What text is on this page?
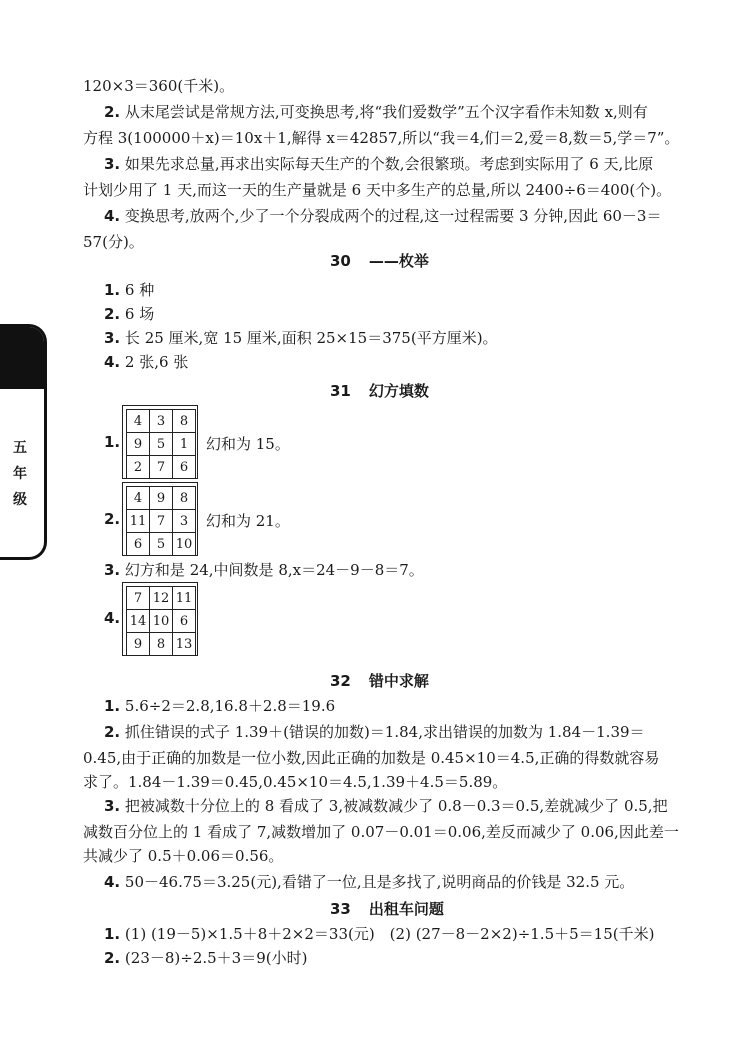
120×3＝360(千米)。
2. 从末尾尝试是常规方法,可变换思考,将“我们爱数学”五个汉字看作未知数 x,则有
方程 3(100000＋x)＝10x＋1,解得 x＝42857,所以“我＝4,们＝2,爱＝8,数＝5,学＝7”。
3. 如果先求总量,再求出实际每天生产的个数,会很繁琐。考虑到实际用了 6 天,比原
计划少用了 1 天,而这一天的生产量就是 6 天中多生产的总量,所以 2400÷6＝400(个)。
4. 变换思考,放两个,少了一个分裂成两个的过程,这一过程需要 3 分钟,因此 60－3＝
57(分)。
30 ——枚举
1. 6 种
2. 6 场
3. 长 25 厘米,宽 15 厘米,面积 25×15＝375(平方厘米)。
4. 2 张,6 张
31 幻方填数
1.
4	3	8
9	5	1
2	7	6
幻和为 15。
2.
4	9	8
11	7	3
6	5	10
幻和为 21。
3. 幻方和是 24,中间数是 8,x＝24－9－8＝7。
4.
7	12	11
14	10	6
9	8	13
32 错中求解
1. 5.6÷2＝2.8,16.8＋2.8＝19.6
2. 抓住错误的式子 1.39＋(错误的加数)＝1.84,求出错误的加数为 1.84－1.39＝
0.45,由于正确的加数是一位小数,因此正确的加数是 0.45×10＝4.5,正确的得数就容易
求了。1.84－1.39＝0.45,0.45×10＝4.5,1.39＋4.5＝5.89。
3. 把被减数十分位上的 8 看成了 3,被减数减少了 0.8－0.3＝0.5,差就减少了 0.5,把
减数百分位上的 1 看成了 7,减数增加了 0.07－0.01＝0.06,差反而减少了 0.06,因此差一
共减少了 0.5＋0.06＝0.56。
4. 50－46.75＝3.25(元),看错了一位,且是多找了,说明商品的价钱是 32.5 元。
33 出租车问题
1. (1) (19－5)×1.5＋8＋2×2＝33(元)　(2) (27－8－2×2)÷1.5＋5＝15(千米)
2. (23－8)÷2.5＋3＝9(小时)
五
年
级
